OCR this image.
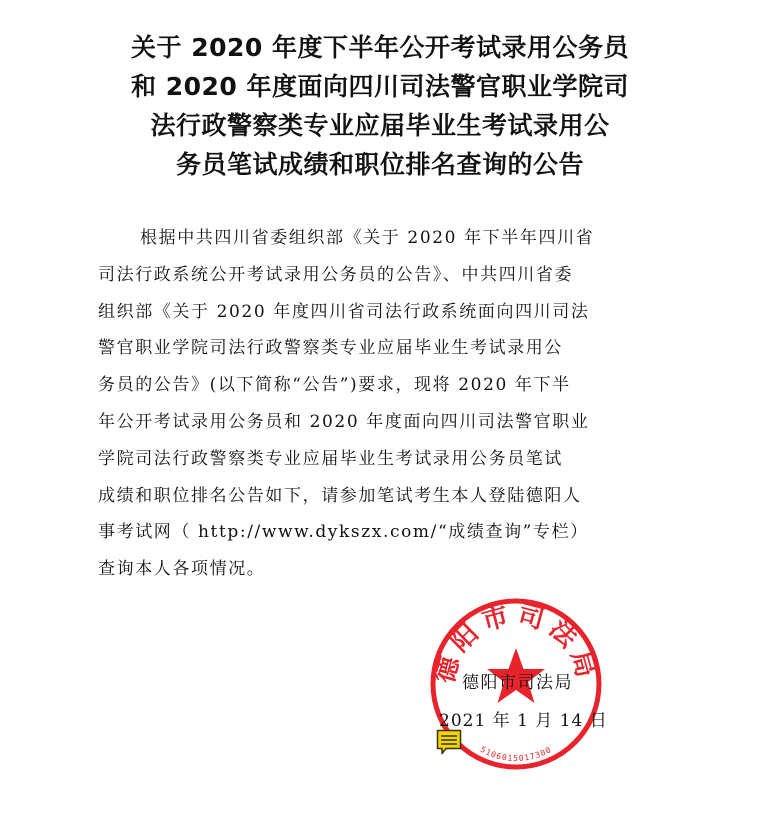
关于 2020 年度下半年公开考试录用公务员
和 2020 年度面向四川司法警官职业学院司
法行政警察类专业应届毕业生考试录用公
务员笔试成绩和职位排名查询的公告
根据中共四川省委组织部《关于 2020 年下半年四川省
司法行政系统公开考试录用公务员的公告》、中共四川省委
组织部《关于 2020 年度四川省司法行政系统面向四川司法
警官职业学院司法行政警察类专业应届毕业生考试录用公
务员的公告》(以下简称“公告”)要求，现将 2020 年下半
年公开考试录用公务员和 2020 年度面向四川司法警官职业
学院司法行政警察类专业应届毕业生考试录用公务员笔试
成绩和职位排名公告如下，请参加笔试考生本人登陆德阳人
事考试网（ http://www.dykszx.com/“成绩查询”专栏）
查询本人各项情况。
德阳市司法局
5106015017300
德阳市司法局
2021 年 1 月 14 日
